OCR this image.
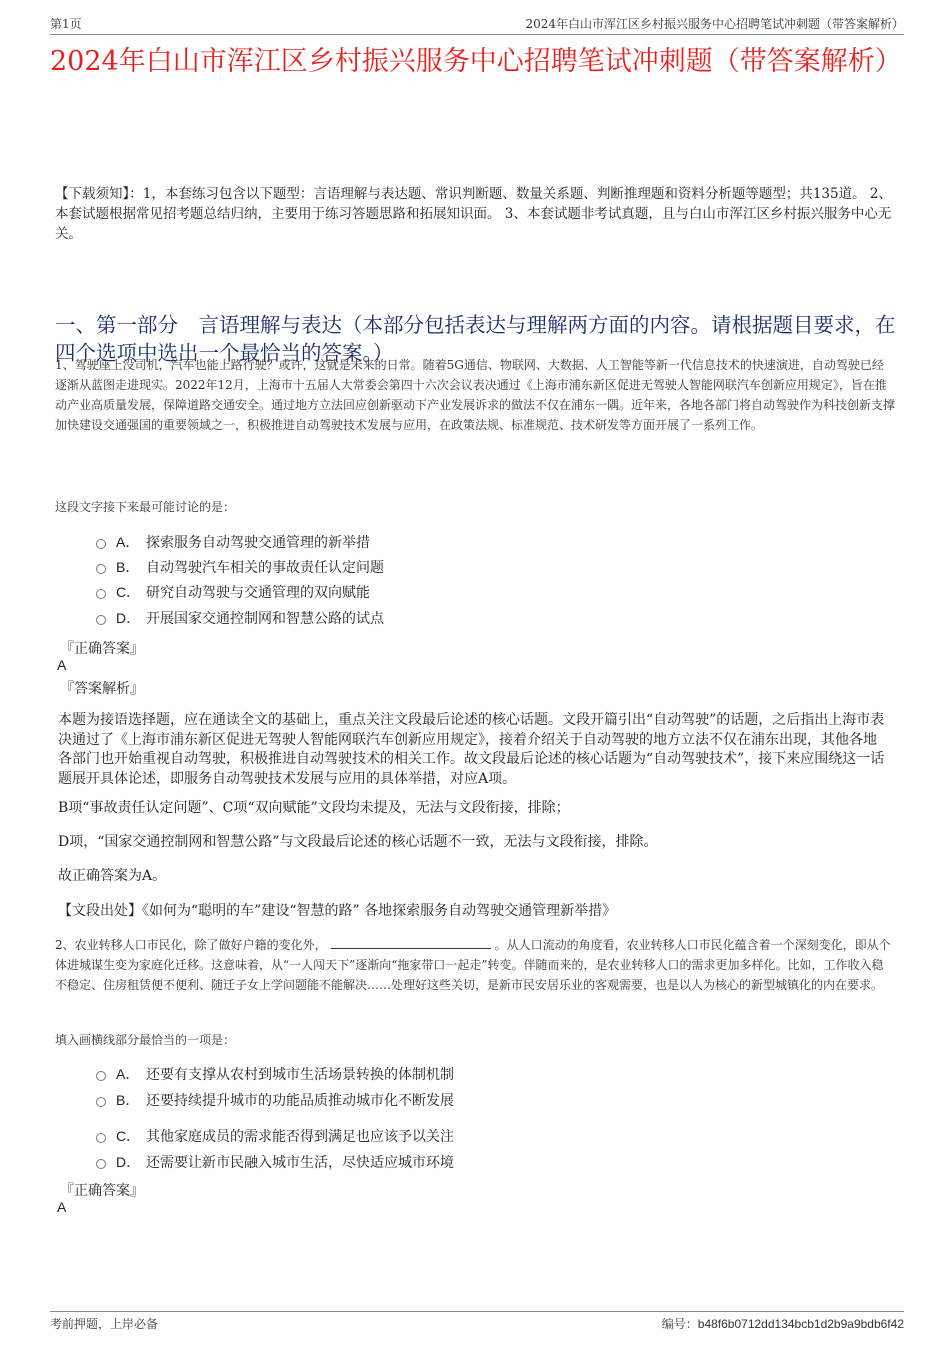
第1页	2024年白山市浑江区乡村振兴服务中心招聘笔试冲刺题（带答案解析）
2024年白山市浑江区乡村振兴服务中心招聘笔试冲刺题（带答案解析）
【下载须知】：1，本套练习包含以下题型：言语理解与表达题、常识判断题、数量关系题、判断推理题和资料分析题等题型；共135道。 2、本套试题根据常见招考题总结归纳，主要用于练习答题思路和拓展知识面。 3、本套试题非考试真题，且与白山市浑江区乡村振兴服务中心无关。
一、第一部分　言语理解与表达（本部分包括表达与理解两方面的内容。请根据题目要求，在四个选项中选出一个最恰当的答案。）
1、驾驶座上没司机，汽车也能上路行驶？或许，这就是未来的日常。随着5G通信、物联网、大数据、人工智能等新一代信息技术的快速演进，自动驾驶已经逐渐从蓝图走进现实。2022年12月，上海市十五届人大常委会第四十六次会议表决通过《上海市浦东新区促进无驾驶人智能网联汽车创新应用规定》，旨在推动产业高质量发展，保障道路交通安全。通过地方立法回应创新驱动下产业发展诉求的做法不仅在浦东一隅。近年来，各地各部门将自动驾驶作为科技创新支撑加快建设交通强国的重要领域之一，积极推进自动驾驶技术发展与应用，在政策法规、标准规范、技术研发等方面开展了一系列工作。
这段文字接下来最可能讨论的是：
A． 探索服务自动驾驶交通管理的新举措
B． 自动驾驶汽车相关的事故责任认定问题
C． 研究自动驾驶与交通管理的双向赋能
D． 开展国家交通控制网和智慧公路的试点
『正确答案』
A
『答案解析』
本题为接语选择题，应在通读全文的基础上，重点关注文段最后论述的核心话题。文段开篇引出“自动驾驶”的话题，之后指出上海市表决通过了《上海市浦东新区促进无驾驶人智能网联汽车创新应用规定》，接着介绍关于自动驾驶的地方立法不仅在浦东出现，其他各地各部门也开始重视自动驾驶，积极推进自动驾驶技术的相关工作。故文段最后论述的核心话题为“自动驾驶技术”，接下来应围绕这一话题展开具体论述，即服务自动驾驶技术发展与应用的具体举措，对应A项。
B项“事故责任认定问题”、C项“双向赋能”文段均未提及，无法与文段衔接，排除；
D项，“国家交通控制网和智慧公路”与文段最后论述的核心话题不一致，无法与文段衔接，排除。
故正确答案为A。
【文段出处】《如何为“聪明的车”建设“智慧的路” 各地探索服务自动驾驶交通管理新举措》
2、农业转移人口市民化，除了做好户籍的变化外，	。从人口流动的角度看，农业转移人口市民化蕴含着一个深刻变化，即从个体进城谋生变为家庭化迁移。这意味着，从“一人闯天下”逐渐向“拖家带口一起走”转变。伴随而来的，是农业转移人口的需求更加多样化。比如，工作收入稳不稳定、住房租赁便不便利、随迁子女上学问题能不能解决……处理好这些关切，是新市民安居乐业的客观需要，也是以人为核心的新型城镇化的内在要求。
填入画横线部分最恰当的一项是：
A． 还要有支撑从农村到城市生活场景转换的体制机制
B． 还要持续提升城市的功能品质推动城市化不断发展
C． 其他家庭成员的需求能否得到满足也应该予以关注
D． 还需要让新市民融入城市生活，尽快适应城市环境
『正确答案』
A
考前押题，上岸必备	编号：b48f6b0712dd134bcb1d2b9a9bdb6f42
